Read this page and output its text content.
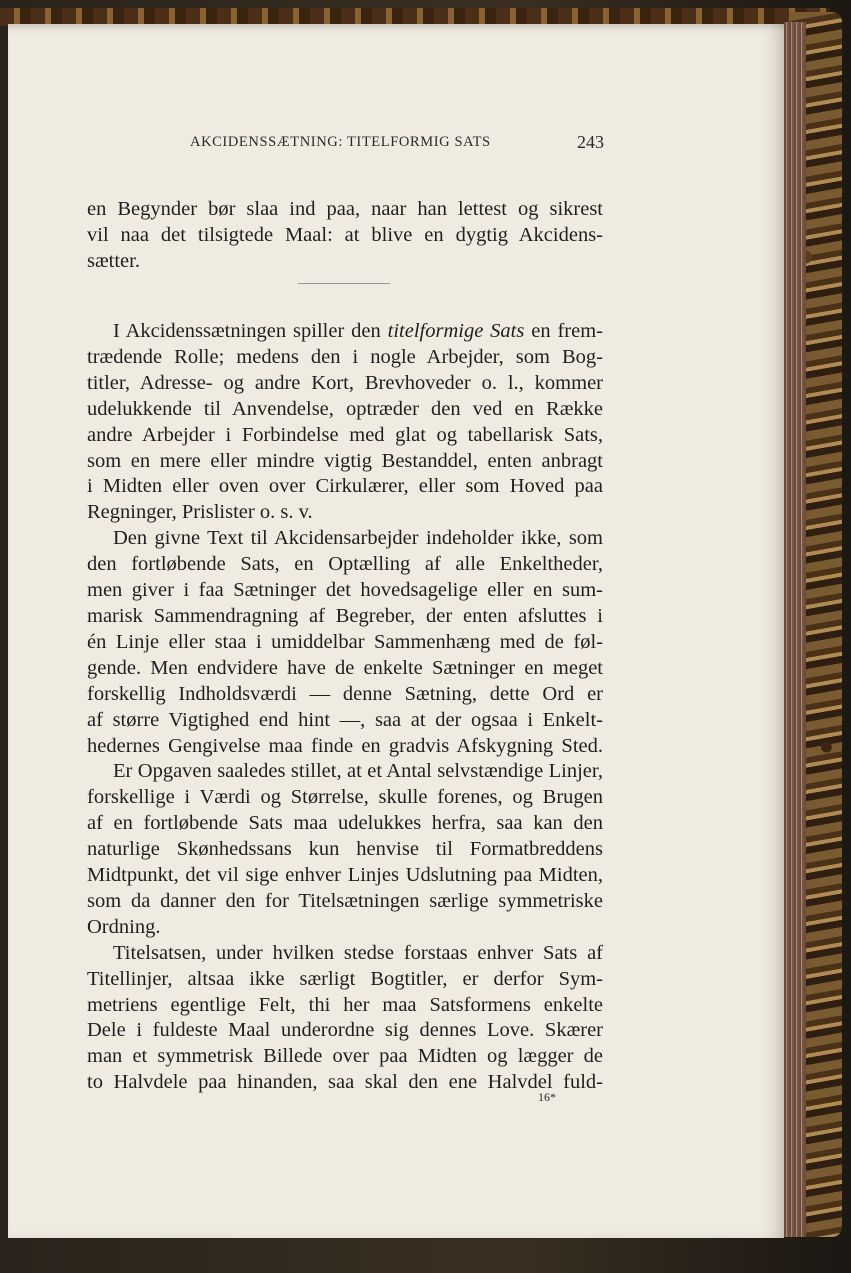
AKCIDENSSÆTNING: TITELFORMIG SATS	243
en Begynder bør slaa ind paa, naar han lettest og sikrest
vil naa det tilsigtede Maal: at blive en dygtig Akcidens-
sætter.
I Akcidenssætningen spiller den titelformige Sats en frem-
trædende Rolle; medens den i nogle Arbejder, som Bog-
titler, Adresse- og andre Kort, Brevhoveder o. l., kommer
udelukkende til Anvendelse, optræder den ved en Række
andre Arbejder i Forbindelse med glat og tabellarisk Sats,
som en mere eller mindre vigtig Bestanddel, enten anbragt
i Midten eller oven over Cirkulærer, eller som Hoved paa
Regninger, Prislister o. s. v.
Den givne Text til Akcidensarbejder indeholder ikke, som
den fortløbende Sats, en Optælling af alle Enkeltheder,
men giver i faa Sætninger det hovedsagelige eller en sum-
marisk Sammendragning af Begreber, der enten afsluttes i
én Linje eller staa i umiddelbar Sammenhæng med de føl-
gende. Men endvidere have de enkelte Sætninger en meget
forskellig Indholdsværdi — denne Sætning, dette Ord er
af større Vigtighed end hint —, saa at der ogsaa i Enkelt-
hedernes Gengivelse maa finde en gradvis Afskygning Sted.
Er Opgaven saaledes stillet, at et Antal selvstændige Linjer,
forskellige i Værdi og Størrelse, skulle forenes, og Brugen
af en fortløbende Sats maa udelukkes herfra, saa kan den
naturlige Skønhedssans kun henvise til Formatbreddens
Midtpunkt, det vil sige enhver Linjes Udslutning paa Midten,
som da danner den for Titelsætningen særlige symmetriske
Ordning.
Titelsatsen, under hvilken stedse forstaas enhver Sats af
Titellinjer, altsaa ikke særligt Bogtitler, er derfor Sym-
metriens egentlige Felt, thi her maa Satsformens enkelte
Dele i fuldeste Maal underordne sig dennes Love. Skærer
man et symmetrisk Billede over paa Midten og lægger de
to Halvdele paa hinanden, saa skal den ene Halvdel fuld-
16*
